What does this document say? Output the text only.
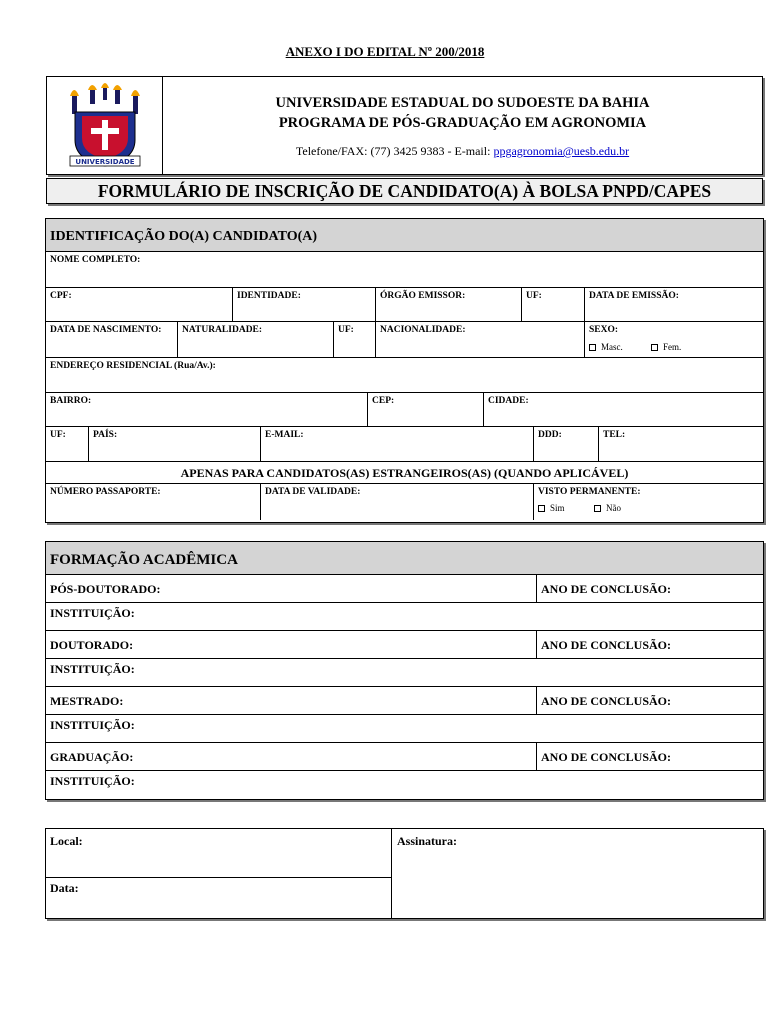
ANEXO I DO EDITAL Nº 200/2018
UNIVERSIDADE
UNIVERSIDADE ESTADUAL DO SUDOESTE DA BAHIA
PROGRAMA DE PÓS-GRADUAÇÃO EM AGRONOMIA
Telefone/FAX: (77) 3425 9383 - E-mail: ppgagronomia@uesb.edu.br
FORMULÁRIO DE INSCRIÇÃO DE CANDIDATO(A) À BOLSA PNPD/CAPES
IDENTIFICAÇÃO DO(A) CANDIDATO(A)
NOME COMPLETO:
CPF:	IDENTIDADE:	ÓRGÃO EMISSOR:	UF:	DATA DE EMISSÃO:
DATA DE NASCIMENTO:	NATURALIDADE:	UF:	NACIONALIDADE:	SEXO:
Masc.	Fem.
ENDEREÇO RESIDENCIAL (Rua/Av.):
BAIRRO:	CEP:	CIDADE:
UF:	PAÍS:	E-MAIL:	DDD:	TEL:
APENAS PARA CANDIDATOS(AS) ESTRANGEIROS(AS) (QUANDO APLICÁVEL)
NÚMERO PASSAPORTE:	DATA DE VALIDADE:	VISTO PERMANENTE:
Sim	Não
FORMAÇÃO ACADÊMICA
PÓS-DOUTORADO:	ANO DE CONCLUSÃO:
INSTITUIÇÃO:
DOUTORADO:	ANO DE CONCLUSÃO:
INSTITUIÇÃO:
MESTRADO:	ANO DE CONCLUSÃO:
INSTITUIÇÃO:
GRADUAÇÃO:	ANO DE CONCLUSÃO:
INSTITUIÇÃO:
Local:
Data:
Assinatura:
